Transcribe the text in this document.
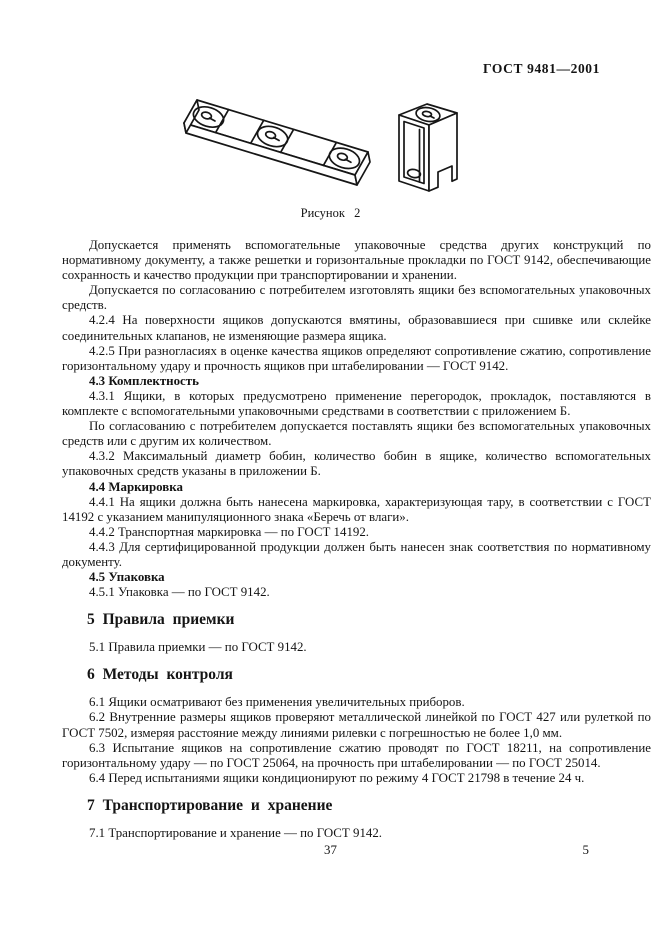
ГОСТ 9481—2001
Рисунок 2

Допускается применять вспомогательные упаковочные средства других конструкций по нормативному документу, а также решетки и горизонтальные прокладки по ГОСТ 9142, обеспечивающие сохранность и качество продукции при транспортировании и хранении.

Допускается по согласованию с потребителем изготовлять ящики без вспомогательных упаковочных средств.

4.2.4 На поверхности ящиков допускаются вмятины, образовавшиеся при сшивке или склейке соединительных клапанов, не изменяющие размера ящика.

4.2.5 При разногласиях в оценке качества ящиков определяют сопротивление сжатию, сопротивление горизонтальному удару и прочность ящиков при штабелировании — ГОСТ 9142.

4.3 Комплектность

4.3.1 Ящики, в которых предусмотрено применение перегородок, прокладок, поставляются в комплекте с вспомогательными упаковочными средствами в соответствии с приложением Б.

По согласованию с потребителем допускается поставлять ящики без вспомогательных упаковочных средств или с другим их количеством.

4.3.2 Максимальный диаметр бобин, количество бобин в ящике, количество вспомогательных упаковочных средств указаны в приложении Б.

4.4 Маркировка

4.4.1 На ящики должна быть нанесена маркировка, характеризующая тару, в соответствии с ГОСТ 14192 с указанием манипуляционного знака «Беречь от влаги».

4.4.2 Транспортная маркировка — по ГОСТ 14192.

4.4.3 Для сертифицированной продукции должен быть нанесен знак соответствия по нормативному документу.

4.5 Упаковка

4.5.1 Упаковка — по ГОСТ 9142.

5 Правила приемки

5.1 Правила приемки — по ГОСТ 9142.

6 Методы контроля

6.1 Ящики осматривают без применения увеличительных приборов.

6.2 Внутренние размеры ящиков проверяют металлической линейкой по ГОСТ 427 или рулеткой по ГОСТ 7502, измеряя расстояние между линиями рилевки с погрешностью не более 1,0 мм.

6.3 Испытание ящиков на сопротивление сжатию проводят по ГОСТ 18211, на сопротивление горизонтальному удару — по ГОСТ 25064, на прочность при штабелировании — по ГОСТ 25014.

6.4 Перед испытаниями ящики кондиционируют по режиму 4 ГОСТ 21798 в течение 24 ч.

7 Транспортирование и хранение

7.1 Транспортирование и хранение — по ГОСТ 9142.

37	5
